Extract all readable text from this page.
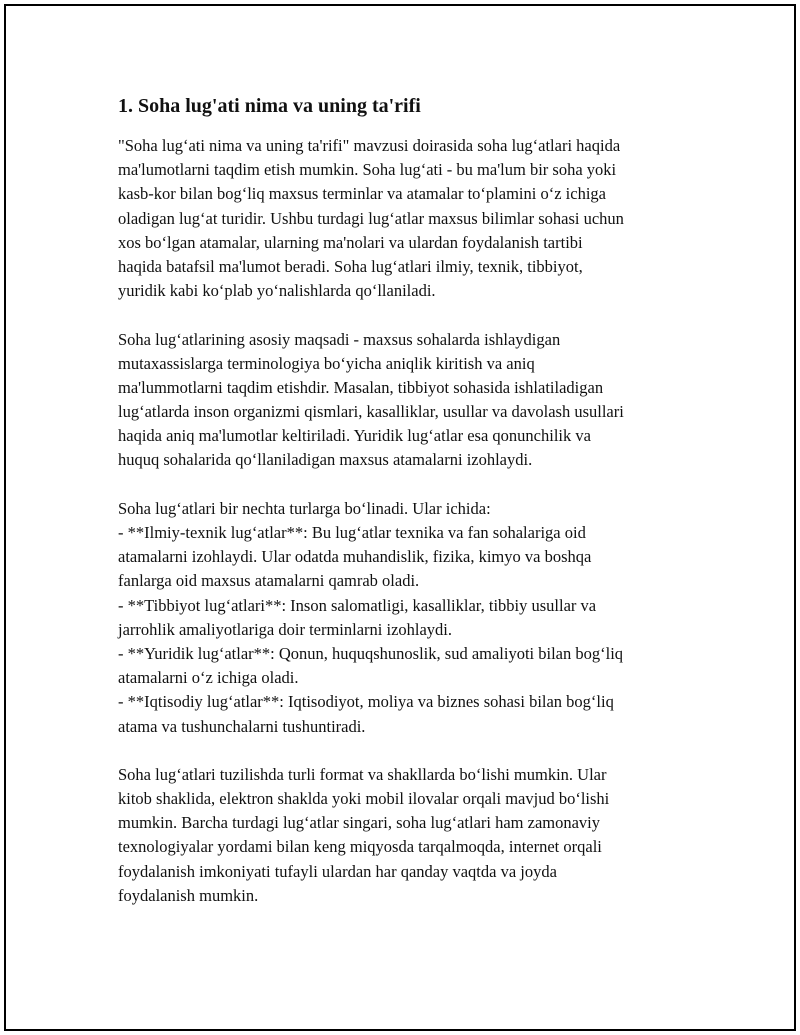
1. Soha lug'ati nima va uning ta'rifi
"Soha lug‘ati nima va uning ta'rifi" mavzusi doirasida soha lug‘atlari haqida
ma'lumotlarni taqdim etish mumkin. Soha lug‘ati - bu ma'lum bir soha yoki
kasb-kor bilan bog‘liq maxsus terminlar va atamalar to‘plamini o‘z ichiga
oladigan lug‘at turidir. Ushbu turdagi lug‘atlar maxsus bilimlar sohasi uchun
xos bo‘lgan atamalar, ularning ma'nolari va ulardan foydalanish tartibi
haqida batafsil ma'lumot beradi. Soha lug‘atlari ilmiy, texnik, tibbiyot,
yuridik kabi ko‘plab yo‘nalishlarda qo‘llaniladi.
Soha lug‘atlarining asosiy maqsadi - maxsus sohalarda ishlaydigan
mutaxassislarga terminologiya bo‘yicha aniqlik kiritish va aniq
ma'lummotlarni taqdim etishdir. Masalan, tibbiyot sohasida ishlatiladigan
lug‘atlarda inson organizmi qismlari, kasalliklar, usullar va davolash usullari
haqida aniq ma'lumotlar keltiriladi. Yuridik lug‘atlar esa qonunchilik va
huquq sohalarida qo‘llaniladigan maxsus atamalarni izohlaydi.
Soha lug‘atlari bir nechta turlarga bo‘linadi. Ular ichida:
- **Ilmiy-texnik lug‘atlar**: Bu lug‘atlar texnika va fan sohalariga oid
atamalarni izohlaydi. Ular odatda muhandislik, fizika, kimyo va boshqa
fanlarga oid maxsus atamalarni qamrab oladi.
- **Tibbiyot lug‘atlari**: Inson salomatligi, kasalliklar, tibbiy usullar va
jarrohlik amaliyotlariga doir terminlarni izohlaydi.
- **Yuridik lug‘atlar**: Qonun, huquqshunoslik, sud amaliyoti bilan bog‘liq
atamalarni o‘z ichiga oladi.
- **Iqtisodiy lug‘atlar**: Iqtisodiyot, moliya va biznes sohasi bilan bog‘liq
atama va tushunchalarni tushuntiradi.
Soha lug‘atlari tuzilishda turli format va shakllarda bo‘lishi mumkin. Ular
kitob shaklida, elektron shaklda yoki mobil ilovalar orqali mavjud bo‘lishi
mumkin. Barcha turdagi lug‘atlar singari, soha lug‘atlari ham zamonaviy
texnologiyalar yordami bilan keng miqyosda tarqalmoqda, internet orqali
foydalanish imkoniyati tufayli ulardan har qanday vaqtda va joyda
foydalanish mumkin.
